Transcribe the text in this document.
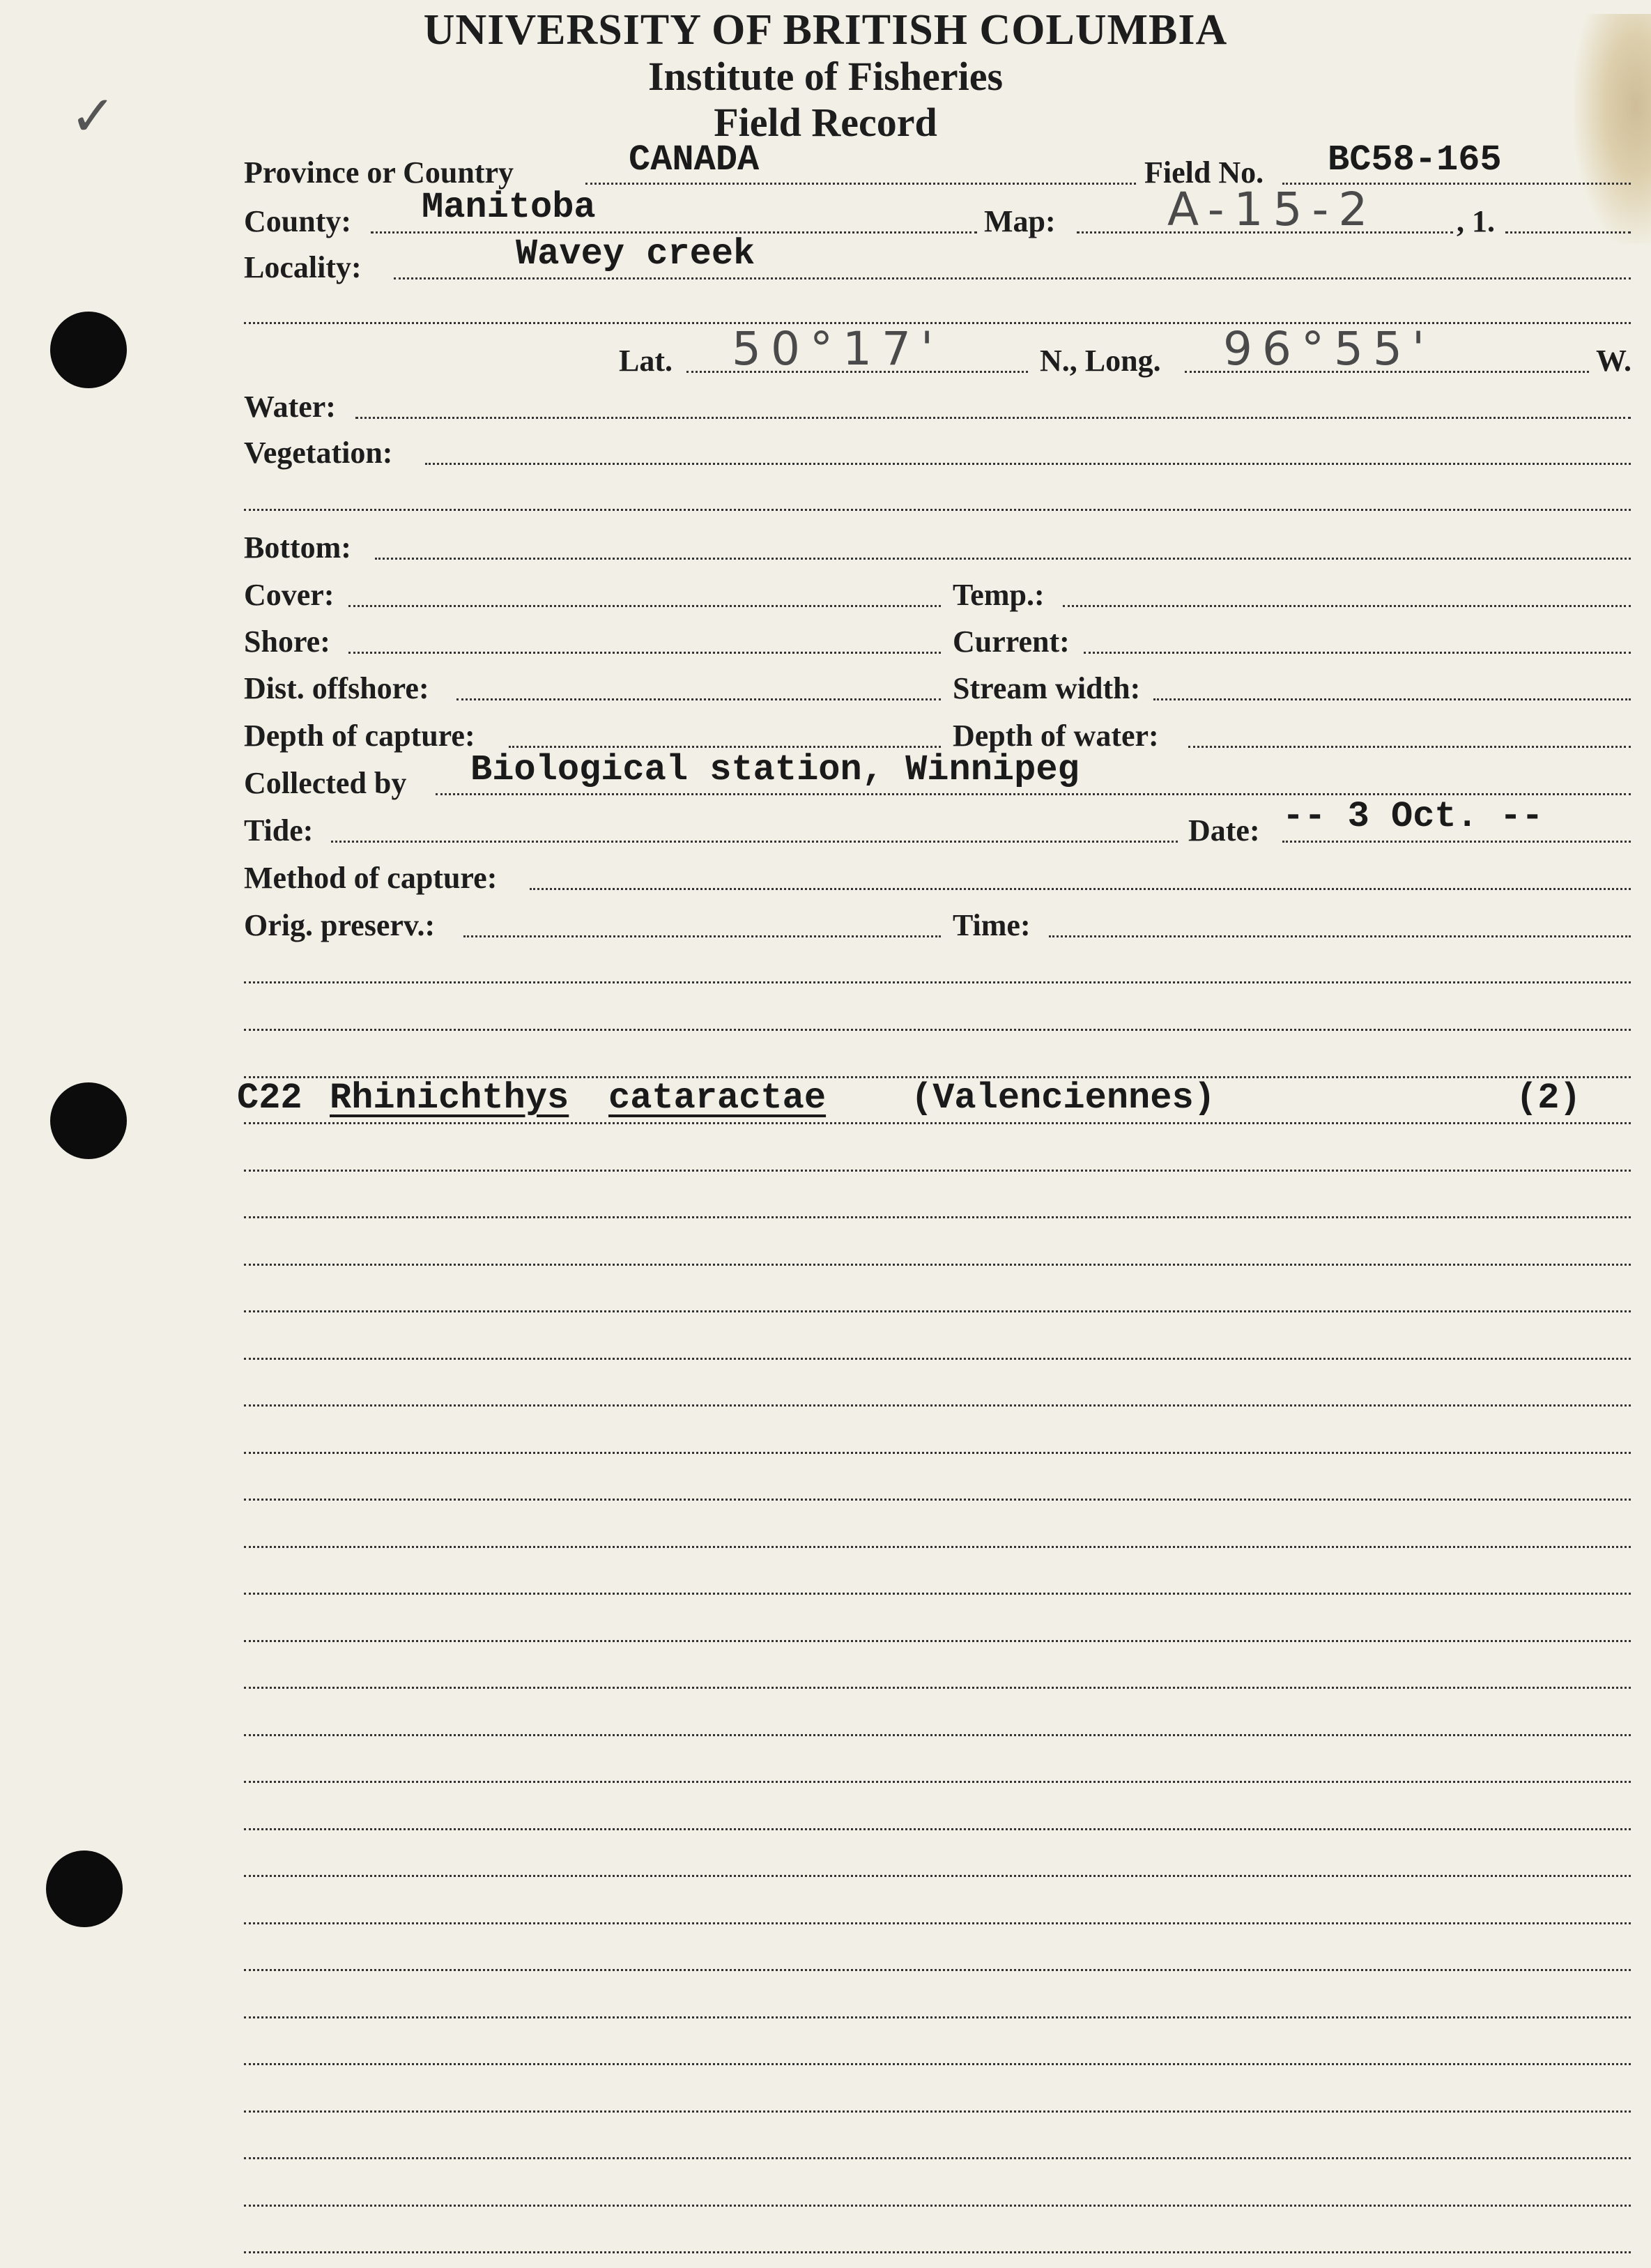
✓
UNIVERSITY OF BRITISH COLUMBIA
Institute of Fisheries
Field Record
Province or Country	CANADA	Field No. BC58-165
County: Manitoba	Map: A-15-2	, 1.
Locality:	Wavey creek
Lat. 50°17'	N., Long. 96°55'	W.
Water:
Vegetation:
Bottom:
Cover:	Temp.:
Shore:	Current:
Dist. offshore:	Stream width:
Depth of capture:	Depth of water:
Collected by Biological station, Winnipeg
Tide:	Date: -- 3 Oct. --
Method of capture:
Orig. preserv.:	Time:
C22 Rhinichthys cataractae (Valenciennes)	(2)
